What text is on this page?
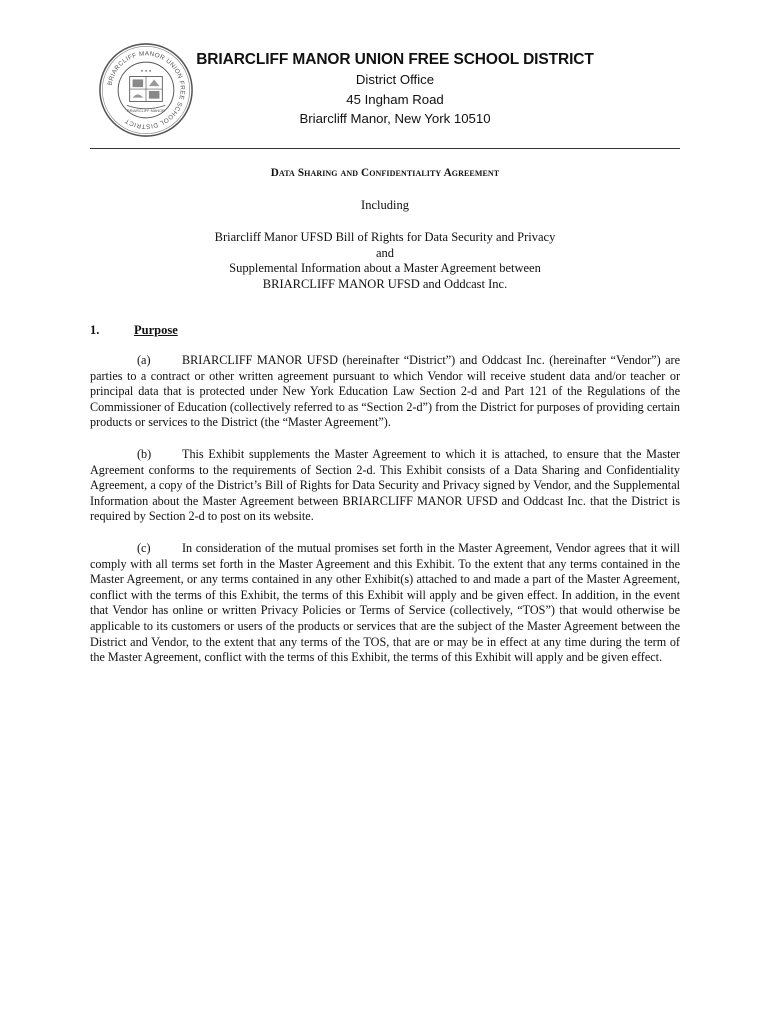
BRIARCLIFF MANOR UNION FREE SCHOOL DISTRICT
BRIARCLIFF MANOR
★ ★ ★
BRIARCLIFF MANOR UNION FREE SCHOOL DISTRICT
District Office
45 Ingham Road
Briarcliff Manor, New York 10510
Data Sharing and Confidentiality Agreement
Including
Briarcliff Manor UFSD Bill of Rights for Data Security and Privacy
and
Supplemental Information about a Master Agreement between
BRIARCLIFF MANOR UFSD and Oddcast Inc.
1.	Purpose

(a)	BRIARCLIFF MANOR UFSD (hereinafter “District”) and Oddcast Inc. (hereinafter “Vendor”) are parties to a contract or other written agreement pursuant to which Vendor will receive student data and/or teacher or principal data that is protected under New York Education Law Section 2-d and Part 121 of the Regulations of the Commissioner of Education (collectively referred to as “Section 2-d”) from the District for purposes of providing certain products or services to the District (the “Master Agreement”).

(b)	This Exhibit supplements the Master Agreement to which it is attached, to ensure that the Master Agreement conforms to the requirements of Section 2-d. This Exhibit consists of a Data Sharing and Confidentiality Agreement, a copy of the District’s Bill of Rights for Data Security and Privacy signed by Vendor, and the Supplemental Information about the Master Agreement between BRIARCLIFF MANOR UFSD and Oddcast Inc. that the District is required by Section 2-d to post on its website.

(c)	In consideration of the mutual promises set forth in the Master Agreement, Vendor agrees that it will comply with all terms set forth in the Master Agreement and this Exhibit. To the extent that any terms contained in the Master Agreement, or any terms contained in any other Exhibit(s) attached to and made a part of the Master Agreement, conflict with the terms of this Exhibit, the terms of this Exhibit will apply and be given effect. In addition, in the event that Vendor has online or written Privacy Policies or Terms of Service (collectively, “TOS”) that would otherwise be applicable to its customers or users of the products or services that are the subject of the Master Agreement between the District and Vendor, to the extent that any terms of the TOS, that are or may be in effect at any time during the term of the Master Agreement, conflict with the terms of this Exhibit, the terms of this Exhibit will apply and be given effect.
